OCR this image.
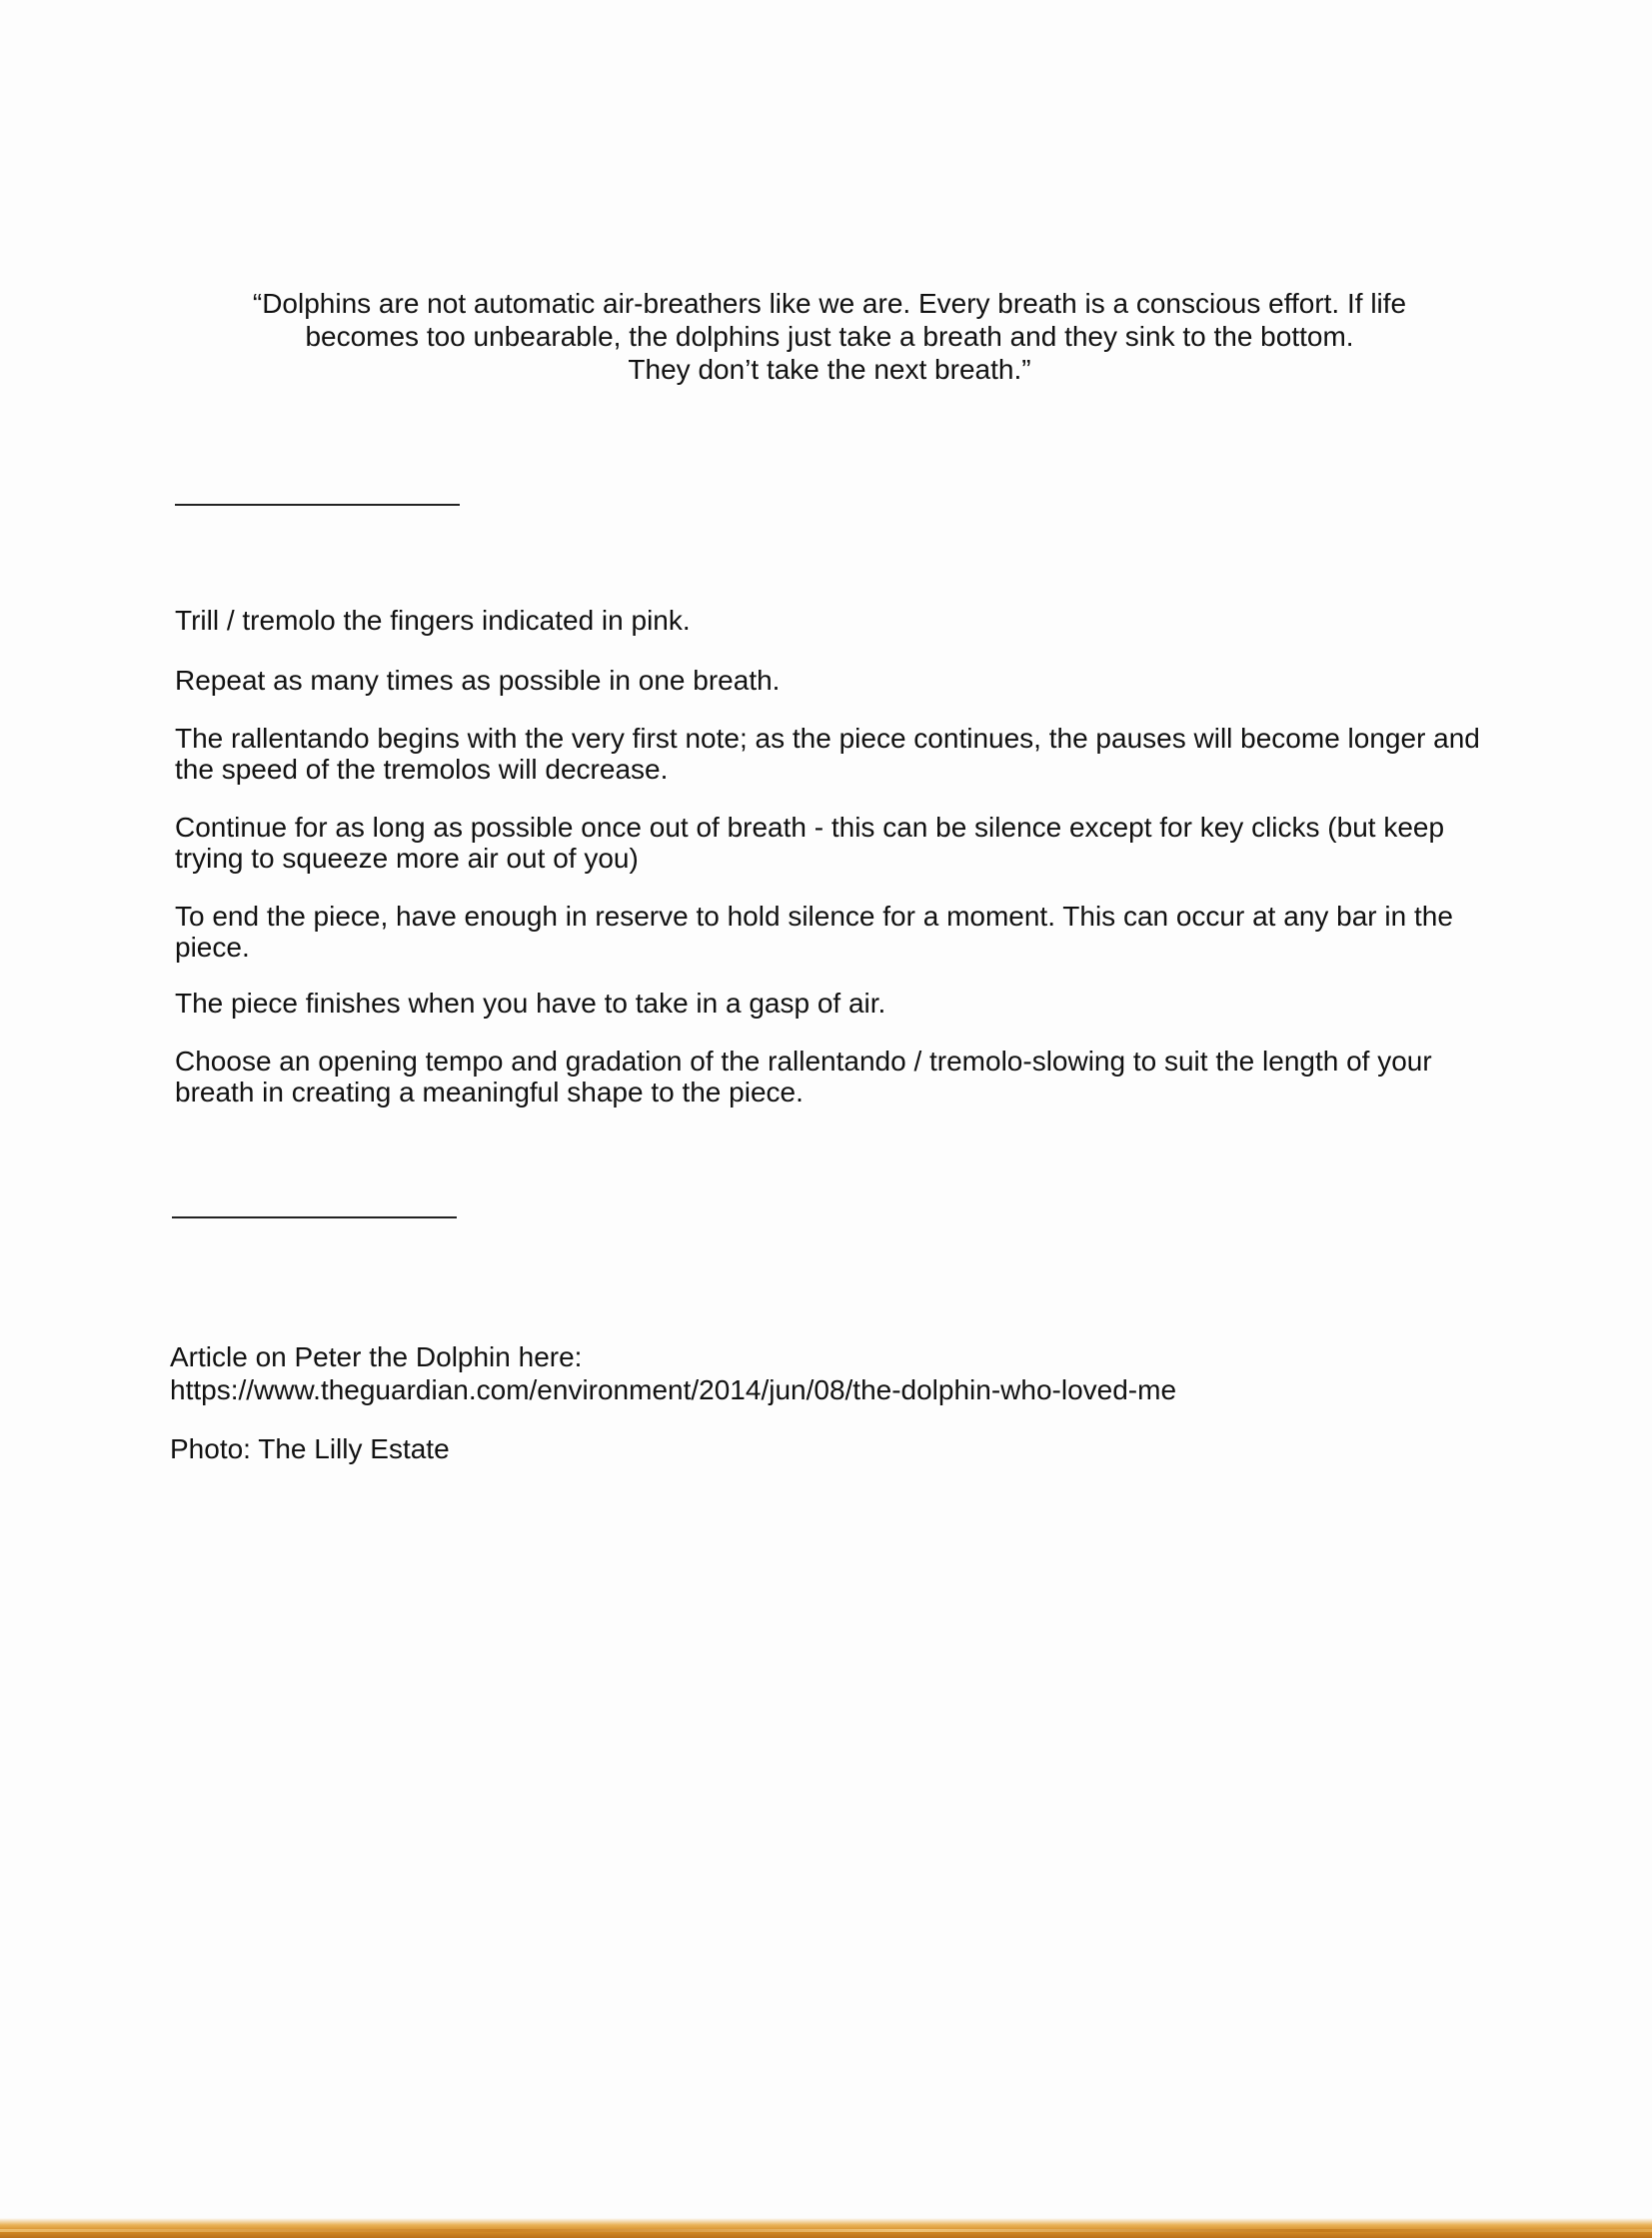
“Dolphins are not automatic air-breathers like we are. Every breath is a conscious effort. If life
becomes too unbearable, the dolphins just take a breath and they sink to the bottom.
They don’t take the next breath.”

Trill / tremolo the fingers indicated in pink.

Repeat as many times as possible in one breath.

The rallentando begins with the very first note; as the piece continues, the pauses will become longer and the speed of the tremolos will decrease.

Continue for as long as possible once out of breath - this can be silence except for key clicks (but keep trying to squeeze more air out of you)

To end the piece, have enough in reserve to hold silence for a moment. This can occur at any bar in the piece.

The piece finishes when you have to take in a gasp of air.

Choose an opening tempo and gradation of the rallentando / tremolo-slowing to suit the length of your breath in creating a meaningful shape to the piece.

Article on Peter the Dolphin here:

https://www.theguardian.com/environment/2014/jun/08/the-dolphin-who-loved-me

Photo: The Lilly Estate
